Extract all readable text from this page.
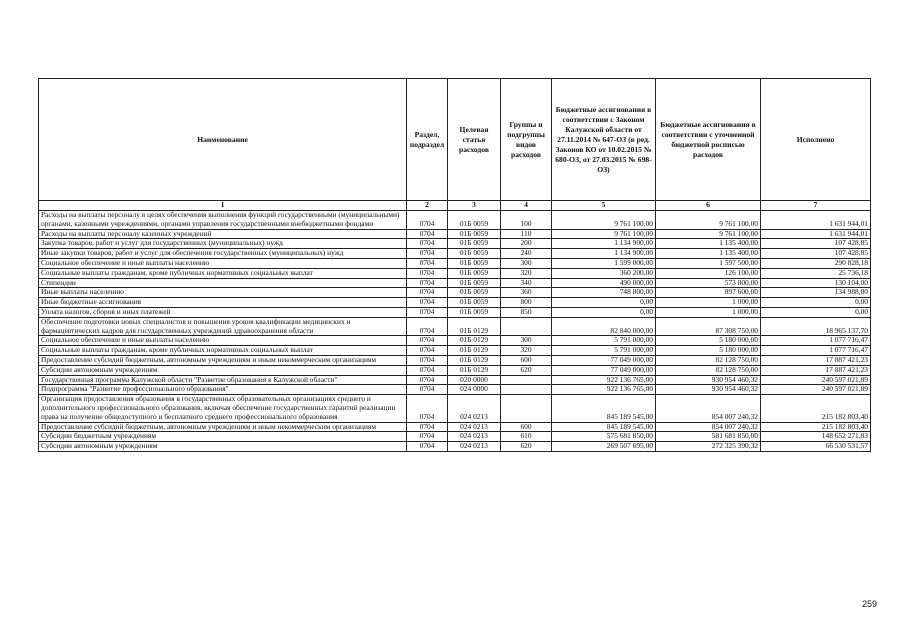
Наименование	Раздел, подраздел	Целевая статья расходов	Группы и подгруппы видов расходов	Бюджетные ассигнования в соответствии с Законом Калужской области от 27.11.2014 № 647-ОЗ (в ред. Законов КО от 10.02.2015 № 680-ОЗ, от 27.03.2015 № 698-ОЗ)	Бюджетные ассигнования в соответствии с уточненной бюджетной росписью расходов	Исполнено
1	2	3	4	5	6	7
Расходы на выплаты персоналу в целях обеспечения выполнения функций государственными (муниципальными) органами, казенными учреждениями, органами управления государственными внебюджетными фондами	0704	01Б 0059	100	9 761 100,00	9 761 100,00	1 631 944,01
Расходы на выплаты персоналу казенных учреждений	0704	01Б 0059	110	9 761 100,00	9 761 100,00	1 631 944,01
Закупка товаров, работ и услуг для государственных (муниципальных) нужд	0704	01Б 0059	200	1 134 900,00	1 135 400,00	107 428,85
Иные закупки товаров, работ и услуг для обеспечения государственных (муниципальных) нужд	0704	01Б 0059	240	1 134 900,00	1 135 400,00	107 428,85
Социальное обеспечение и иные выплаты населению	0704	01Б 0059	300	1 599 000,00	1 597 500,00	290 828,18
Социальные выплаты гражданам, кроме публичных нормативных социальных выплат	0704	01Б 0059	320	360 200,00	126 100,00	25 736,18
Стипендии	0704	01Б 0059	340	490 000,00	573 800,00	130 104,00
Иные выплаты населению	0704	01Б 0059	360	748 800,00	897 600,00	134 988,00
Иные бюджетные ассигнования	0704	01Б 0059	800	0,00	1 000,00	0,00
Уплата налогов, сборов и иных платежей	0704	01Б 0059	850	0,00	1 000,00	0,00
Обеспечение подготовки новых специалистов и повышения уровня квалификации медицинских и фармацевтических кадров для государственных учреждений здравоохранения области	0704	01Б 0129		82 840 000,00	87 308 750,00	18 965 137,70
Социальное обеспечение и иные выплаты населению	0704	01Б 0129	300	5 791 000,00	5 180 000,00	1 077 716,47
Социальные выплаты гражданам, кроме публичных нормативных социальных выплат	0704	01Б 0129	320	5 791 000,00	5 180 000,00	1 077 716,47
Предоставление субсидий бюджетным, автономным учреждениям и иным некоммерческим организациям	0704	01Б 0129	600	77 049 000,00	82 128 750,00	17 887 421,23
Субсидии автономным учреждениям	0704	01Б 0129	620	77 049 000,00	82 128 750,00	17 887 421,23
Государственная программа Калужской области "Развитие образования в Калужской области"	0704	020 0000		922 136 765,00	930 954 460,32	240 597 021,89
Подпрограмма "Развитие профессионального образования"	0704	024 0000		922 136 765,00	930 954 460,32	240 597 021,89
Организация предоставления образования в государственных образовательных организациях среднего и дополнительного профессионального образования, включая обеспечение государственных гарантий реализации права на получение общедоступного и бесплатного среднего профессионального образования	0704	024 0213		845 189 545,00	854 007 240,32	215 182 803,40
Предоставление субсидий бюджетным, автономным учреждениям и иным некоммерческим организациям	0704	024 0213	600	845 189 545,00	854 007 240,32	215 182 803,40
Субсидии бюджетным учреждениям	0704	024 0213	610	575 681 850,00	581 681 850,00	148 652 271,83
Субсидии автономным учреждениям	0704	024 0213	620	269 507 695,00	272 325 390,32	66 530 531,57
259
